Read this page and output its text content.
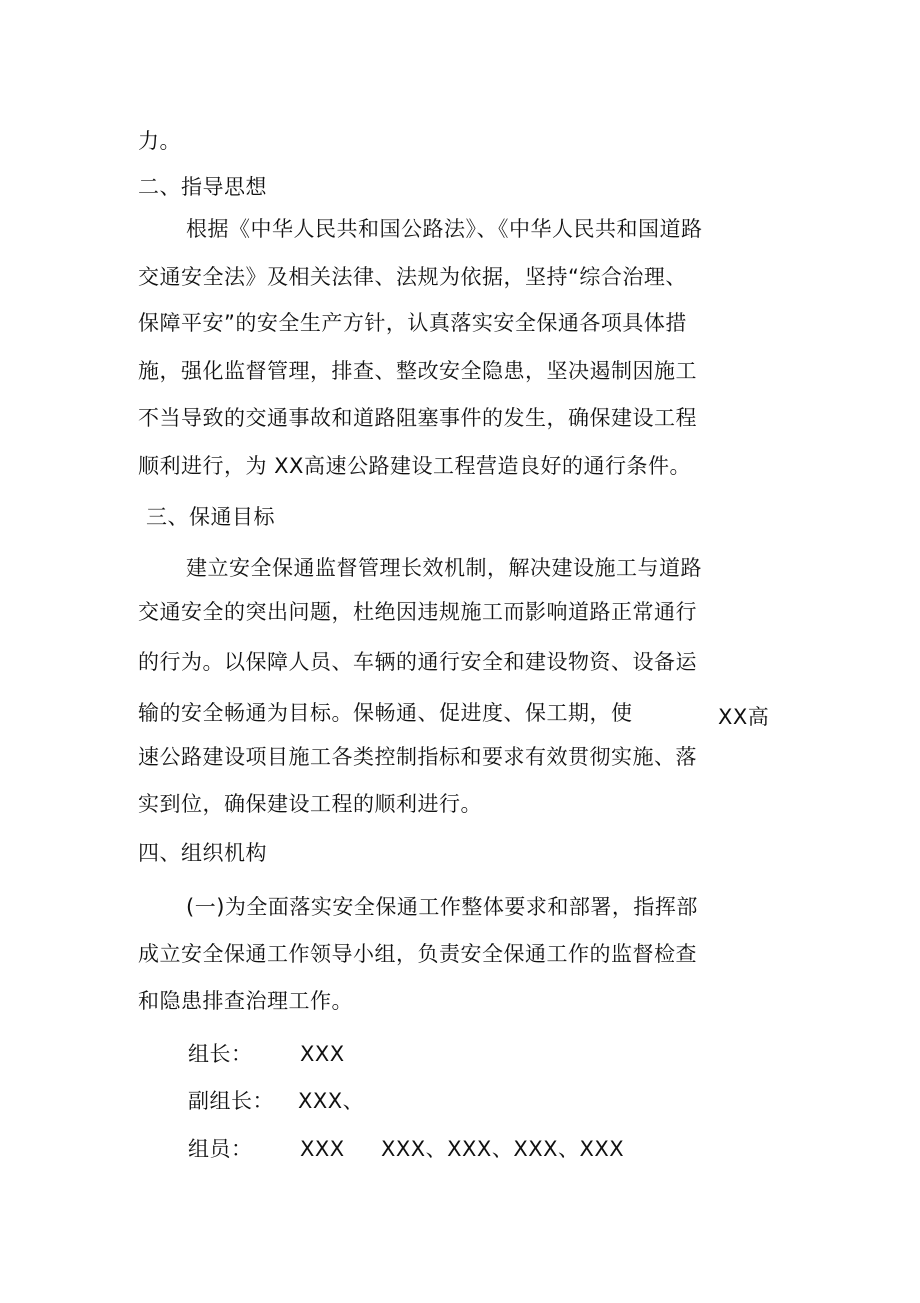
力。
二、指导思想
根据《中华人民共和国公路法》、《中华人民共和国道路
交通安全法》及相关法律、法规为依据，坚持“综合治理、
保障平安”的安全生产方针，认真落实安全保通各项具体措
施，强化监督管理，排查、整改安全隐患，坚决遏制因施工
不当导致的交通事故和道路阻塞事件的发生，确保建设工程
顺利进行，为 XX高速公路建设工程营造良好的通行条件。
三、保通目标
建立安全保通监督管理长效机制，解决建设施工与道路
交通安全的突出问题，杜绝因违规施工而影响道路正常通行
的行为。以保障人员、车辆的通行安全和建设物资、设备运
输的安全畅通为目标。保畅通、促进度、保工期，使	XX高
速公路建设项目施工各类控制指标和要求有效贯彻实施、落
实到位，确保建设工程的顺利进行。
四、组织机构
(一)为全面落实安全保通工作整体要求和部署，指挥部
成立安全保通工作领导小组，负责安全保通工作的监督检查
和隐患排查治理工作。
组长： XXX
副组长： XXX、
组员： XXX XXX、XXX、XXX、XXX
